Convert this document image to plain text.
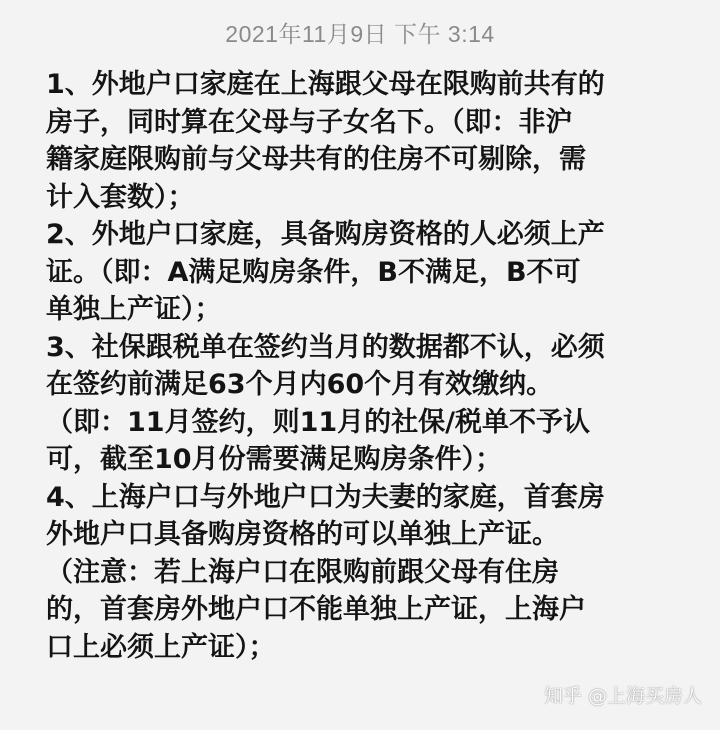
2021年11月9日 下午 3:14
1、外地户口家庭在上海跟父母在限购前共有的
房子，同时算在父母与子女名下。（即：非沪
籍家庭限购前与父母共有的住房不可剔除，需
计入套数）；
2、外地户口家庭，具备购房资格的人必须上产
证。（即：A满足购房条件，B不满足，B不可
单独上产证）；
3、社保跟税单在签约当月的数据都不认，必须
在签约前满足63个月内60个月有效缴纳。
（即：11月签约，则11月的社保/税单不予认
可，截至10月份需要满足购房条件）；
4、上海户口与外地户口为夫妻的家庭，首套房
外地户口具备购房资格的可以单独上产证。
（注意：若上海户口在限购前跟父母有住房
的，首套房外地户口不能单独上产证，上海户
口上必须上产证）；
知乎 @上海买房人
